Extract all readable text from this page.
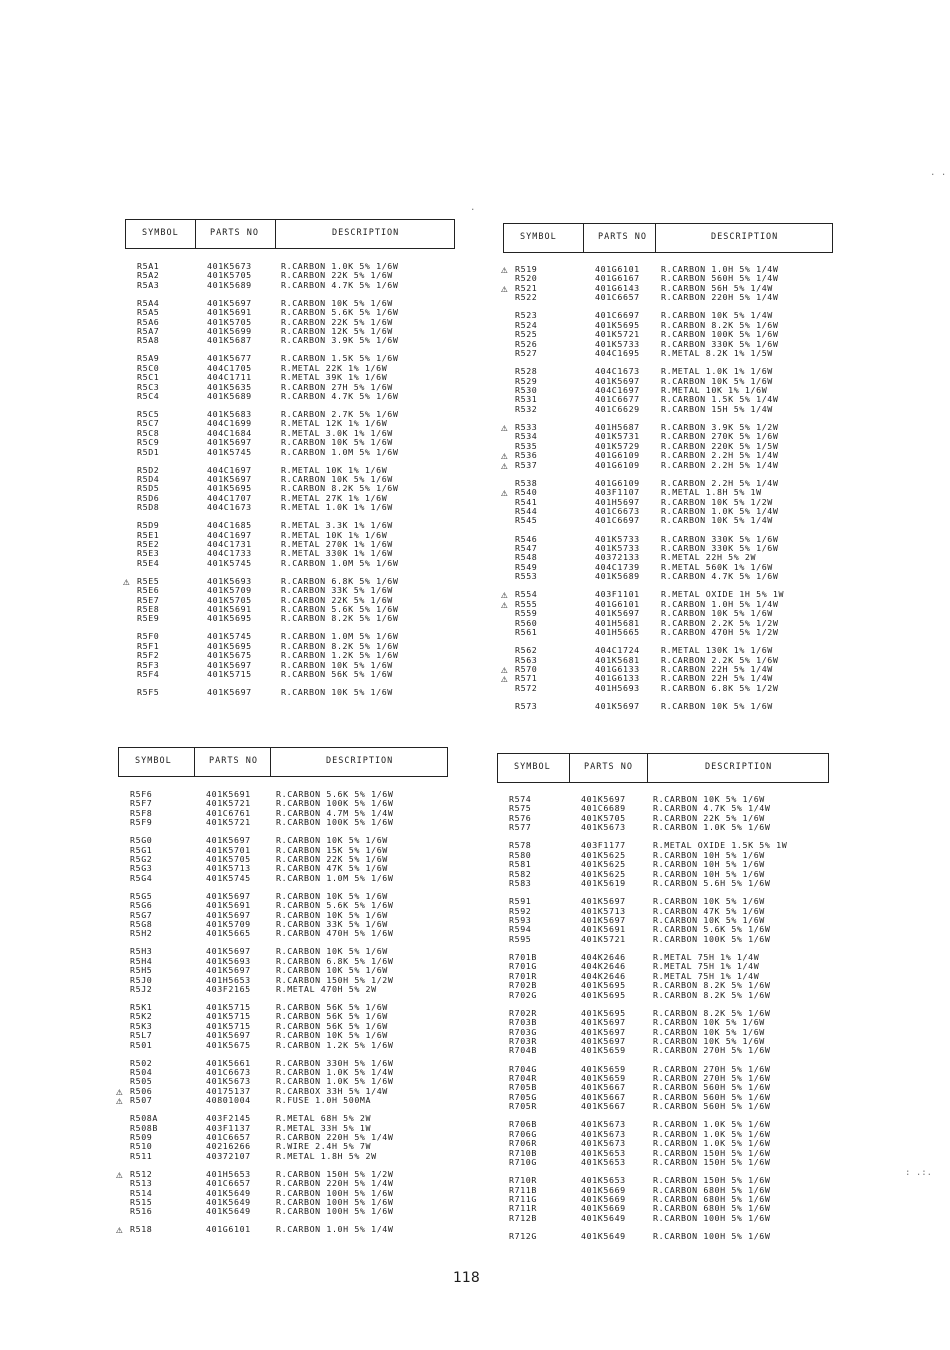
SYMBOL	PARTS NO	DESCRIPTION
R5A1	401K5673	R.CARBON 1.0K 5% 1/6W
R5A2	401K5705	R.CARBON 22K 5% 1/6W
R5A3	401K5689	R.CARBON 4.7K 5% 1/6W
R5A4	401K5697	R.CARBON 10K 5% 1/6W
R5A5	401K5691	R.CARBON 5.6K 5% 1/6W
R5A6	401K5705	R.CARBON 22K 5% 1/6W
R5A7	401K5699	R.CARBON 12K 5% 1/6W
R5A8	401K5687	R.CARBON 3.9K 5% 1/6W
R5A9	401K5677	R.CARBON 1.5K 5% 1/6W
R5C0	404C1705	R.METAL 22K 1% 1/6W
R5C1	404C1711	R.METAL 39K 1% 1/6W
R5C3	401K5635	R.CARBON 27H 5% 1/6W
R5C4	401K5689	R.CARBON 4.7K 5% 1/6W
R5C5	401K5683	R.CARBON 2.7K 5% 1/6W
R5C7	404C1699	R.METAL 12K 1% 1/6W
R5C8	404C1684	R.METAL 3.0K 1% 1/6W
R5C9	401K5697	R.CARBON 10K 5% 1/6W
R5D1	401K5745	R.CARBON 1.0M 5% 1/6W
R5D2	404C1697	R.METAL 10K 1% 1/6W
R5D4	401K5697	R.CARBON 10K 5% 1/6W
R5D5	401K5695	R.CARBON 8.2K 5% 1/6W
R5D6	404C1707	R.METAL 27K 1% 1/6W
R5D8	404C1673	R.METAL 1.0K 1% 1/6W
R5D9	404C1685	R.METAL 3.3K 1% 1/6W
R5E1	404C1697	R.METAL 10K 1% 1/6W
R5E2	404C1731	R.METAL 270K 1% 1/6W
R5E3	404C1733	R.METAL 330K 1% 1/6W
R5E4	401K5745	R.CARBON 1.0M 5% 1/6W
⚠ R5E5	401K5693	R.CARBON 6.8K 5% 1/6W
R5E6	401K5709	R.CARBON 33K 5% 1/6W
R5E7	401K5705	R.CARBON 22K 5% 1/6W
R5E8	401K5691	R.CARBON 5.6K 5% 1/6W
R5E9	401K5695	R.CARBON 8.2K 5% 1/6W
R5F0	401K5745	R.CARBON 1.0M 5% 1/6W
R5F1	401K5695	R.CARBON 8.2K 5% 1/6W
R5F2	401K5675	R.CARBON 1.2K 5% 1/6W
R5F3	401K5697	R.CARBON 10K 5% 1/6W
R5F4	401K5715	R.CARBON 56K 5% 1/6W
R5F5	401K5697	R.CARBON 10K 5% 1/6W
SYMBOL	PARTS NO	DESCRIPTION
⚠ R519	401G6101	R.CARBON 1.0H 5% 1/4W
R520	401G6167	R.CARBON 560H 5% 1/4W
⚠ R521	401G6143	R.CARBON 56H 5% 1/4W
R522	401C6657	R.CARBON 220H 5% 1/4W
R523	401C6697	R.CARBON 10K 5% 1/4W
R524	401K5695	R.CARBON 8.2K 5% 1/6W
R525	401K5721	R.CARBON 100K 5% 1/6W
R526	401K5733	R.CARBON 330K 5% 1/6W
R527	404C1695	R.METAL 8.2K 1% 1/5W
R528	404C1673	R.METAL 1.0K 1% 1/6W
R529	401K5697	R.CARBON 10K 5% 1/6W
R530	404C1697	R.METAL 10K 1% 1/6W
R531	401C6677	R.CARBON 1.5K 5% 1/4W
R532	401C6629	R.CARBON 15H 5% 1/4W
⚠ R533	401H5687	R.CARBON 3.9K 5% 1/2W
R534	401K5731	R.CARBON 270K 5% 1/6W
R535	401K5729	R.CARBON 220K 5% 1/5W
⚠ R536	401G6109	R.CARBON 2.2H 5% 1/4W
⚠ R537	401G6109	R.CARBON 2.2H 5% 1/4W
R538	401G6109	R.CARBON 2.2H 5% 1/4W
⚠ R540	403F1107	R.METAL 1.8H 5% 1W
R541	401H5697	R.CARBON 10K 5% 1/2W
R544	401C6673	R.CARBON 1.0K 5% 1/4W
R545	401C6697	R.CARBON 10K 5% 1/4W
R546	401K5733	R.CARBON 330K 5% 1/6W
R547	401K5733	R.CARBON 330K 5% 1/6W
R548	40372133	R.METAL 22H 5% 2W
R549	404C1739	R.METAL 560K 1% 1/6W
R553	401K5689	R.CARBON 4.7K 5% 1/6W
⚠ R554	403F1101	R.METAL OXIDE 1H 5% 1W
⚠ R555	401G6101	R.CARBON 1.0H 5% 1/4W
R559	401K5697	R.CARBON 10K 5% 1/6W
R560	401H5681	R.CARBON 2.2K 5% 1/2W
R561	401H5665	R.CARBON 470H 5% 1/2W
R562	404C1724	R.METAL 130K 1% 1/6W
R563	401K5681	R.CARBON 2.2K 5% 1/6W
⚠ R570	401G6133	R.CARBON 22H 5% 1/4W
⚠ R571	401G6133	R.CARBON 22H 5% 1/4W
R572	401H5693	R.CARBON 6.8K 5% 1/2W
R573	401K5697	R.CARBON 10K 5% 1/6W
SYMBOL	PARTS NO	DESCRIPTION
R5F6	401K5691	R.CARBON 5.6K 5% 1/6W
R5F7	401K5721	R.CARBON 100K 5% 1/6W
R5F8	401C6761	R.CARBON 4.7M 5% 1/4W
R5F9	401K5721	R.CARBON 100K 5% 1/6W
R5G0	401K5697	R.CARBON 10K 5% 1/6W
R5G1	401K5701	R.CARBON 15K 5% 1/6W
R5G2	401K5705	R.CARBON 22K 5% 1/6W
R5G3	401K5713	R.CARBON 47K 5% 1/6W
R5G4	401K5745	R.CARBON 1.0M 5% 1/6W
R5G5	401K5697	R.CARBON 10K 5% 1/6W
R5G6	401K5691	R.CARBON 5.6K 5% 1/6W
R5G7	401K5697	R.CARBON 10K 5% 1/6W
R5G8	401K5709	R.CARBON 33K 5% 1/6W
R5H2	401K5665	R.CARBON 470H 5% 1/6W
R5H3	401K5697	R.CARBON 10K 5% 1/6W
R5H4	401K5693	R.CARBON 6.8K 5% 1/6W
R5H5	401K5697	R.CARBON 10K 5% 1/6W
R5J0	401H5653	R.CARBON 150H 5% 1/2W
R5J2	403F2165	R.METAL 470H 5% 2W
R5K1	401K5715	R.CARBON 56K 5% 1/6W
R5K2	401K5715	R.CARBON 56K 5% 1/6W
R5K3	401K5715	R.CARBON 56K 5% 1/6W
R5L7	401K5697	R.CARBON 10K 5% 1/6W
R501	401K5675	R.CARBON 1.2K 5% 1/6W
R502	401K5661	R.CARBON 330H 5% 1/6W
R504	401C6673	R.CARBON 1.0K 5% 1/4W
R505	401K5673	R.CARBON 1.0K 5% 1/6W
⚠ R506	40175137	R.CARBOX 33H 5% 1/4W
⚠ R507	40801004	R.FUSE 1.0H 500MA
R508A	403F2145	R.METAL 68H 5% 2W
R508B	403F1137	R.METAL 33H 5% 1W
R509	401C6657	R.CARBON 220H 5% 1/4W
R510	40216266	R.WIRE 2.4H 5% 7W
R511	40372107	R.METAL 1.8H 5% 2W
⚠ R512	401H5653	R.CARBON 150H 5% 1/2W
R513	401C6657	R.CARBON 220H 5% 1/4W
R514	401K5649	R.CARBON 100H 5% 1/6W
R515	401K5649	R.CARBON 100H 5% 1/6W
R516	401K5649	R.CARBON 100H 5% 1/6W
⚠ R518	401G6101	R.CARBON 1.0H 5% 1/4W
SYMBOL	PARTS NO	DESCRIPTION
R574	401K5697	R.CARBON 10K 5% 1/6W
R575	401C6689	R.CARBON 4.7K 5% 1/4W
R576	401K5705	R.CARBON 22K 5% 1/6W
R577	401K5673	R.CARBON 1.0K 5% 1/6W
R578	403F1177	R.METAL OXIDE 1.5K 5% 1W
R580	401K5625	R.CARBON 10H 5% 1/6W
R581	401K5625	R.CARBON 10H 5% 1/6W
R582	401K5625	R.CARBON 10H 5% 1/6W
R583	401K5619	R.CARBON 5.6H 5% 1/6W
R591	401K5697	R.CARBON 10K 5% 1/6W
R592	401K5713	R.CARBON 47K 5% 1/6W
R593	401K5697	R.CARBON 10K 5% 1/6W
R594	401K5691	R.CARBON 5.6K 5% 1/6W
R595	401K5721	R.CARBON 100K 5% 1/6W
R701B	404K2646	R.METAL 75H 1% 1/4W
R701G	404K2646	R.METAL 75H 1% 1/4W
R701R	404K2646	R.METAL 75H 1% 1/4W
R702B	401K5695	R.CARBON 8.2K 5% 1/6W
R702G	401K5695	R.CARBON 8.2K 5% 1/6W
R702R	401K5695	R.CARBON 8.2K 5% 1/6W
R703B	401K5697	R.CARBON 10K 5% 1/6W
R703G	401K5697	R.CARBON 10K 5% 1/6W
R703R	401K5697	R.CARBON 10K 5% 1/6W
R704B	401K5659	R.CARBON 270H 5% 1/6W
R704G	401K5659	R.CARBON 270H 5% 1/6W
R704R	401K5659	R.CARBON 270H 5% 1/6W
R705B	401K5667	R.CARBON 560H 5% 1/6W
R705G	401K5667	R.CARBON 560H 5% 1/6W
R705R	401K5667	R.CARBON 560H 5% 1/6W
R706B	401K5673	R.CARBON 1.0K 5% 1/6W
R706G	401K5673	R.CARBON 1.0K 5% 1/6W
R706R	401K5673	R.CARBON 1.0K 5% 1/6W
R710B	401K5653	R.CARBON 150H 5% 1/6W
R710G	401K5653	R.CARBON 150H 5% 1/6W
R710R	401K5653	R.CARBON 150H 5% 1/6W
R711B	401K5669	R.CARBON 680H 5% 1/6W
R711G	401K5669	R.CARBON 680H 5% 1/6W
R711R	401K5669	R.CARBON 680H 5% 1/6W
R712B	401K5649	R.CARBON 100H 5% 1/6W
R712G	401K5649	R.CARBON 100H 5% 1/6W
118
. .
: .:.
.
